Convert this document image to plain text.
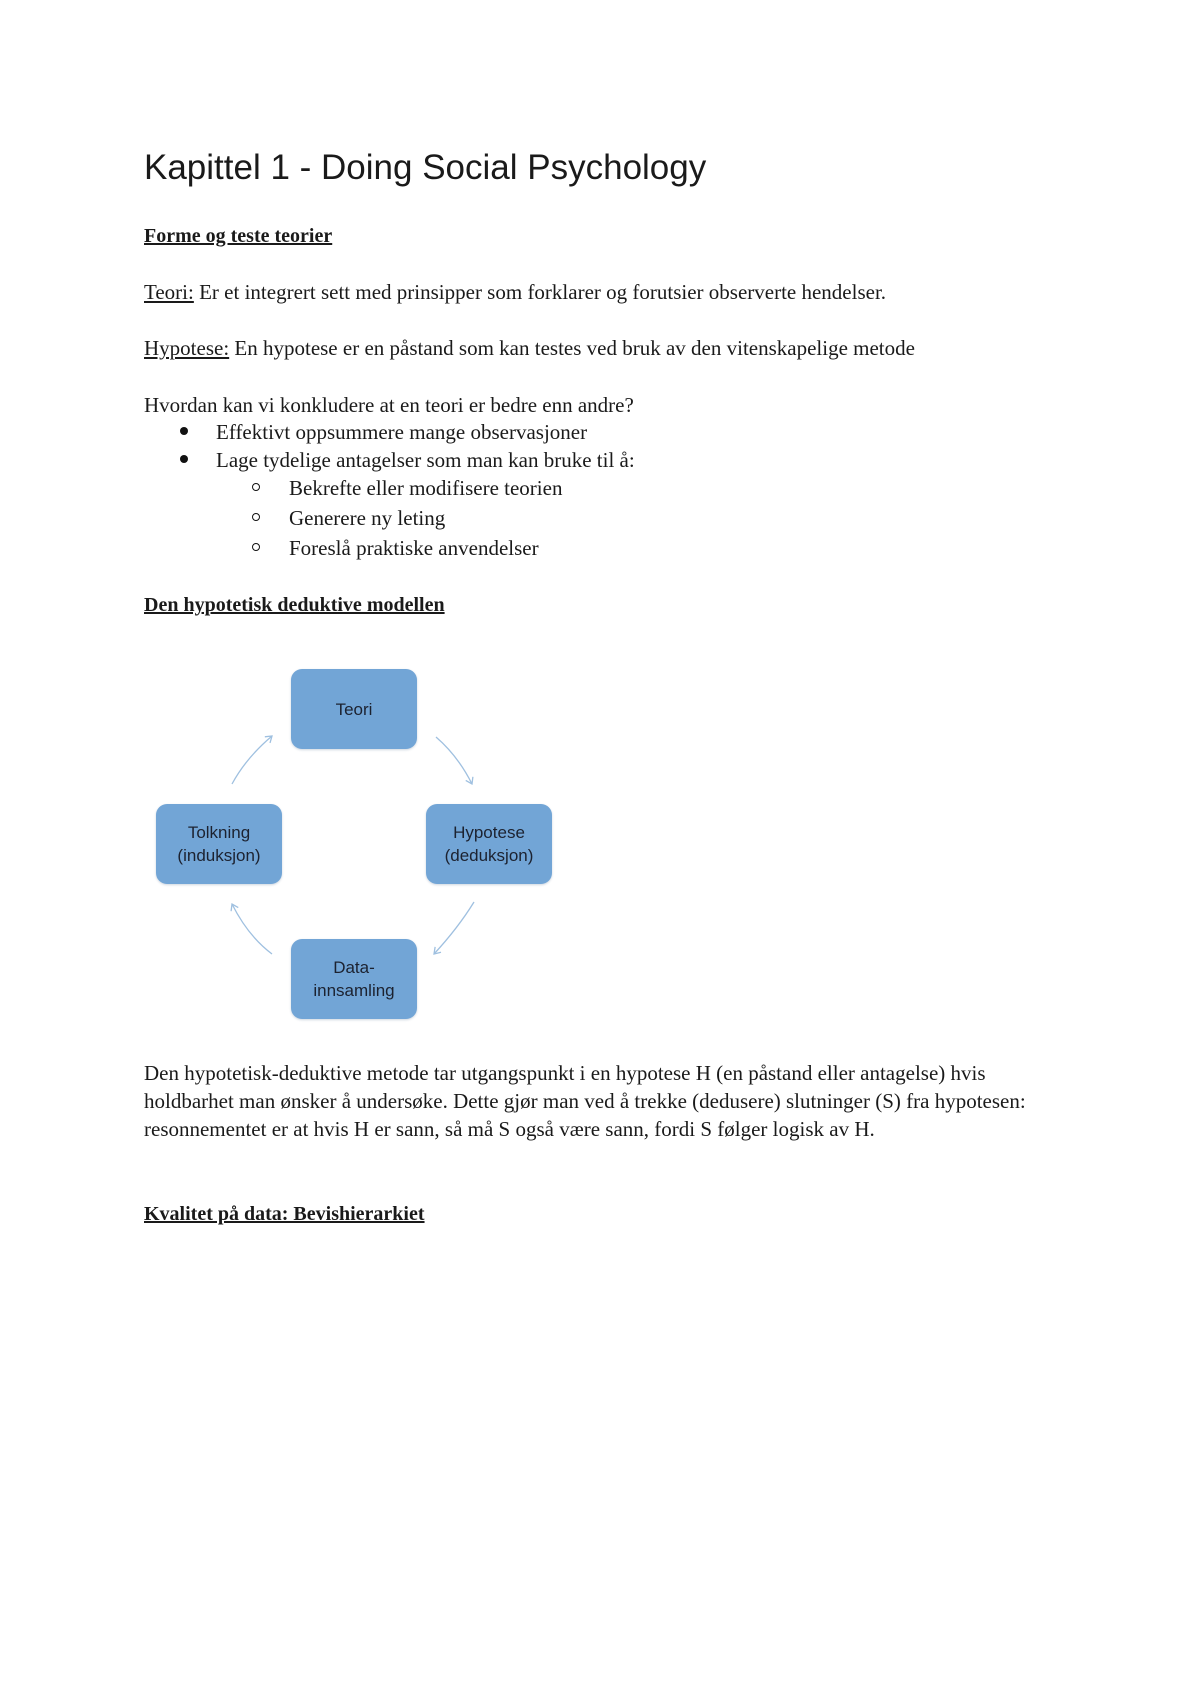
Kapittel 1 - Doing Social Psychology
Forme og teste teorier

Teori: Er et integrert sett med prinsipper som forklarer og forutsier observerte hendelser.

Hypotese: En hypotese er en påstand som kan testes ved bruk av den vitenskapelige metode

Hvordan kan vi konkludere at en teori er bedre enn andre?

Effektivt oppsummere mange observasjoner
Lage tydelige antagelser som man kan bruke til å:
Bekrefte eller modifisere teorien
Generere ny leting
Foreslå praktiske anvendelser
Den hypotetisk deduktive modellen
Teori
Hypotese
(deduksjon)
Data-
innsamling
Tolkning
(induksjon)

Den hypotetisk-deduktive metode tar utgangspunkt i en hypotese H (en påstand eller antagelse) hvis holdbarhet man ønsker å undersøke. Dette gjør man ved å trekke (dedusere) slutninger (S) fra hypotesen: resonnementet er at hvis H er sann, så må S også være sann, fordi S følger logisk av H.

Kvalitet på data: Bevishierarkiet
